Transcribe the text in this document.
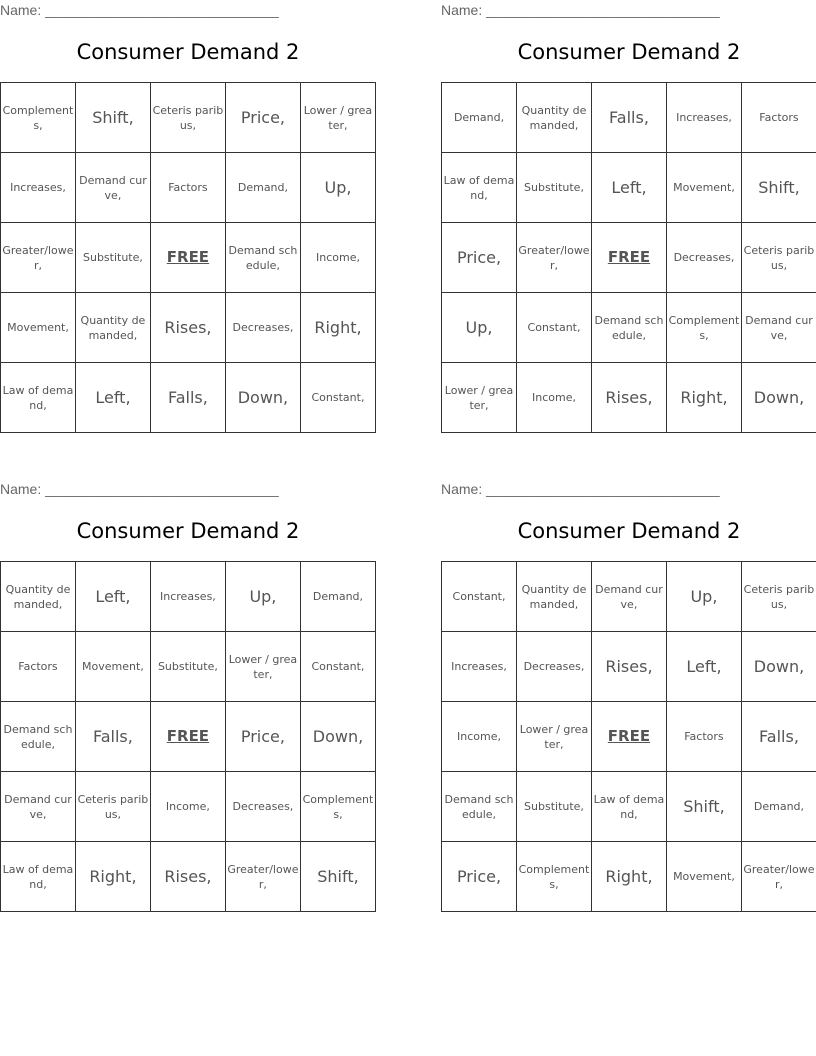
Name: ______________________________
Consumer Demand 2
Complements,	Shift,	Ceteris paribus,	Price,	Lower / greater,
Increases,	Demand curve,	Factors	Demand,	Up,
Greater/lower,	Substitute,	FREE	Demand schedule,	Income,
Movement,	Quantity demanded,	Rises,	Decreases,	Right,
Law of demand,	Left,	Falls,	Down,	Constant,
Name: ______________________________
Consumer Demand 2
Demand,	Quantity demanded,	Falls,	Increases,	Factors
Law of demand,	Substitute,	Left,	Movement,	Shift,
Price,	Greater/lower,	FREE	Decreases,	Ceteris paribus,
Up,	Constant,	Demand schedule,	Complements,	Demand curve,
Lower / greater,	Income,	Rises,	Right,	Down,
Name: ______________________________
Consumer Demand 2
Quantity demanded,	Left,	Increases,	Up,	Demand,
Factors	Movement,	Substitute,	Lower / greater,	Constant,
Demand schedule,	Falls,	FREE	Price,	Down,
Demand curve,	Ceteris paribus,	Income,	Decreases,	Complements,
Law of demand,	Right,	Rises,	Greater/lower,	Shift,
Name: ______________________________
Consumer Demand 2
Constant,	Quantity demanded,	Demand curve,	Up,	Ceteris paribus,
Increases,	Decreases,	Rises,	Left,	Down,
Income,	Lower / greater,	FREE	Factors	Falls,
Demand schedule,	Substitute,	Law of demand,	Shift,	Demand,
Price,	Complements,	Right,	Movement,	Greater/lower,
